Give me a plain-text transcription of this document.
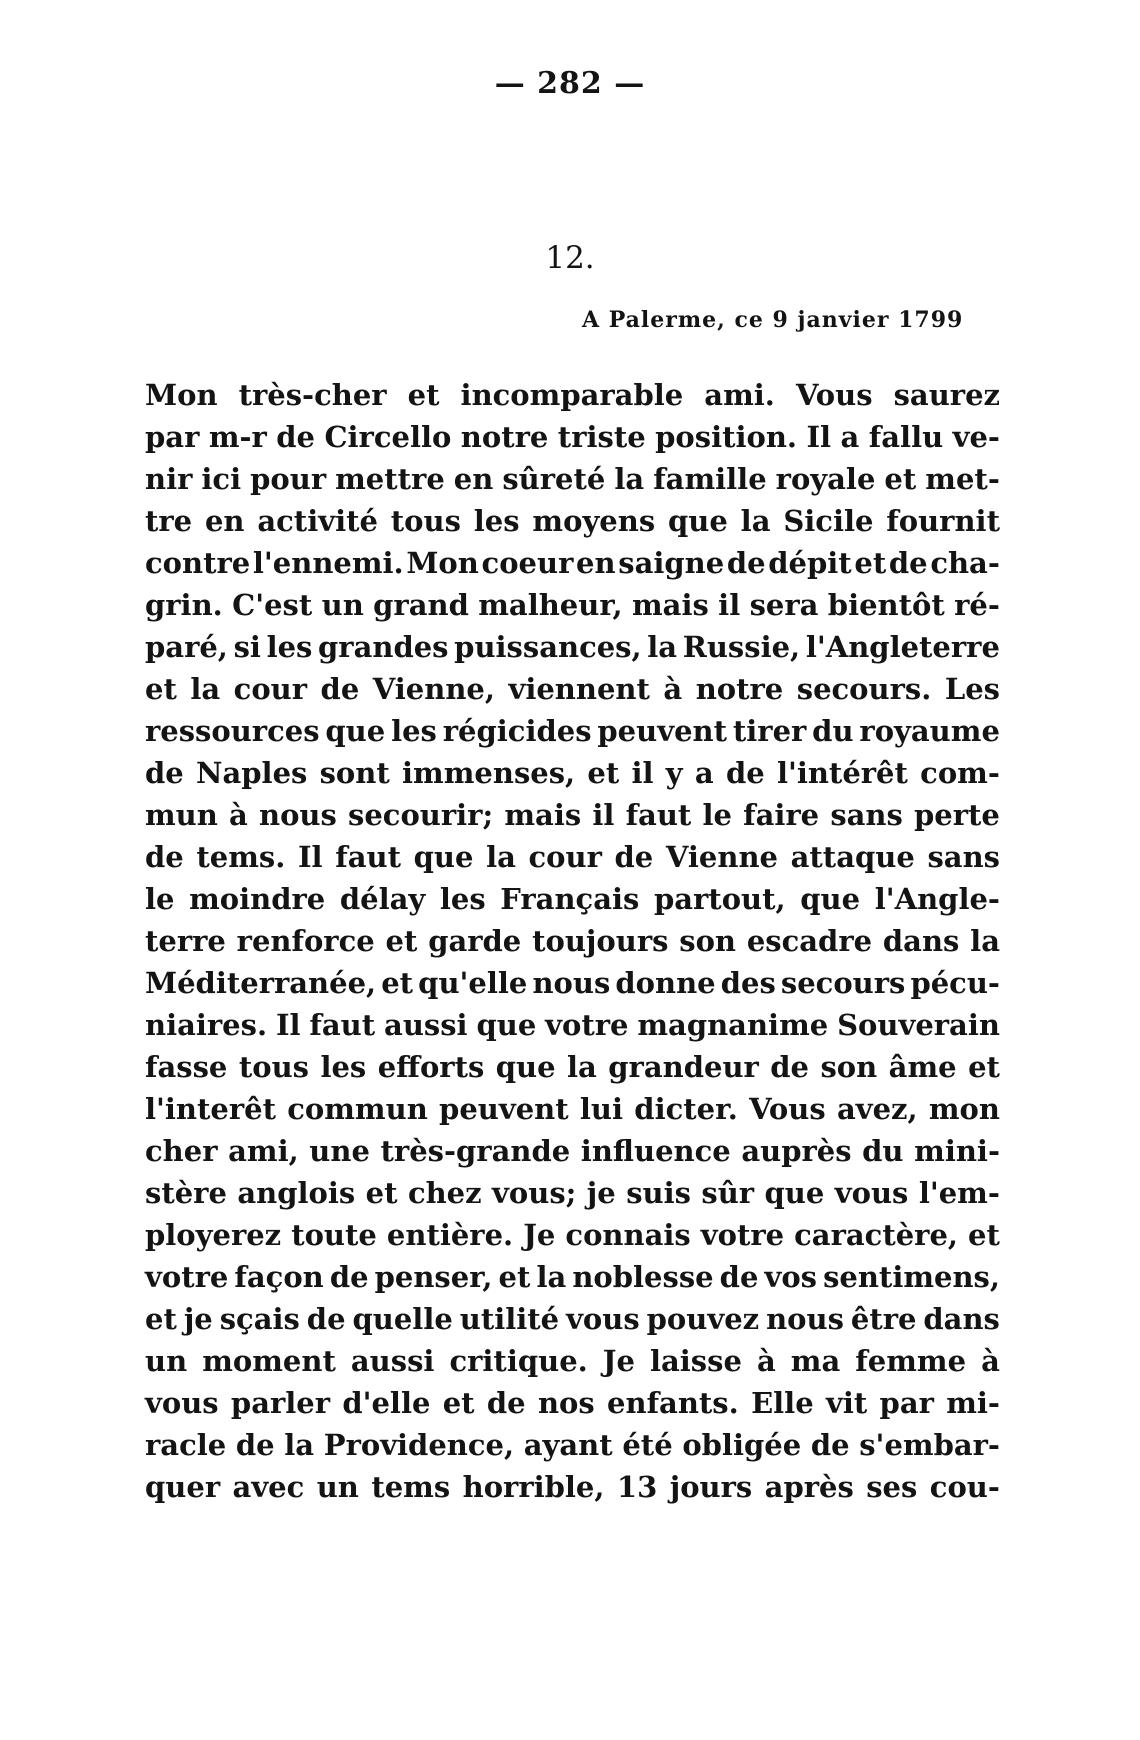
— 282 —
12.
A Palerme, ce 9 janvier 1799
Mon très-cher et incomparable ami. Vous saurez
par m-r de Circello notre triste position. Il a fallu ve-
nir ici pour mettre en sûreté la famille royale et met-
tre en activité tous les moyens que la Sicile fournit
contre l'ennemi. Mon coeur en saigne de dépit et de cha-
grin. C'est un grand malheur, mais il sera bientôt ré-
paré, si les grandes puissances, la Russie, l'Angleterre
et la cour de Vienne, viennent à notre secours. Les
ressources que les régicides peuvent tirer du royaume
de Naples sont immenses, et il y a de l'intérêt com-
mun à nous secourir; mais il faut le faire sans perte
de tems. Il faut que la cour de Vienne attaque sans
le moindre délay les Français partout, que l'Angle-
terre renforce et garde toujours son escadre dans la
Méditerranée, et qu'elle nous donne des secours pécu-
niaires. Il faut aussi que votre magnanime Souverain
fasse tous les efforts que la grandeur de son âme et
l'interêt commun peuvent lui dicter. Vous avez, mon
cher ami, une très-grande influence auprès du mini-
stère anglois et chez vous; je suis sûr que vous l'em-
ployerez toute entière. Je connais votre caractère, et
votre façon de penser, et la noblesse de vos sentimens,
et je sçais de quelle utilité vous pouvez nous être dans
un moment aussi critique. Je laisse à ma femme à
vous parler d'elle et de nos enfants. Elle vit par mi-
racle de la Providence, ayant été obligée de s'embar-
quer avec un tems horrible, 13 jours après ses cou-
